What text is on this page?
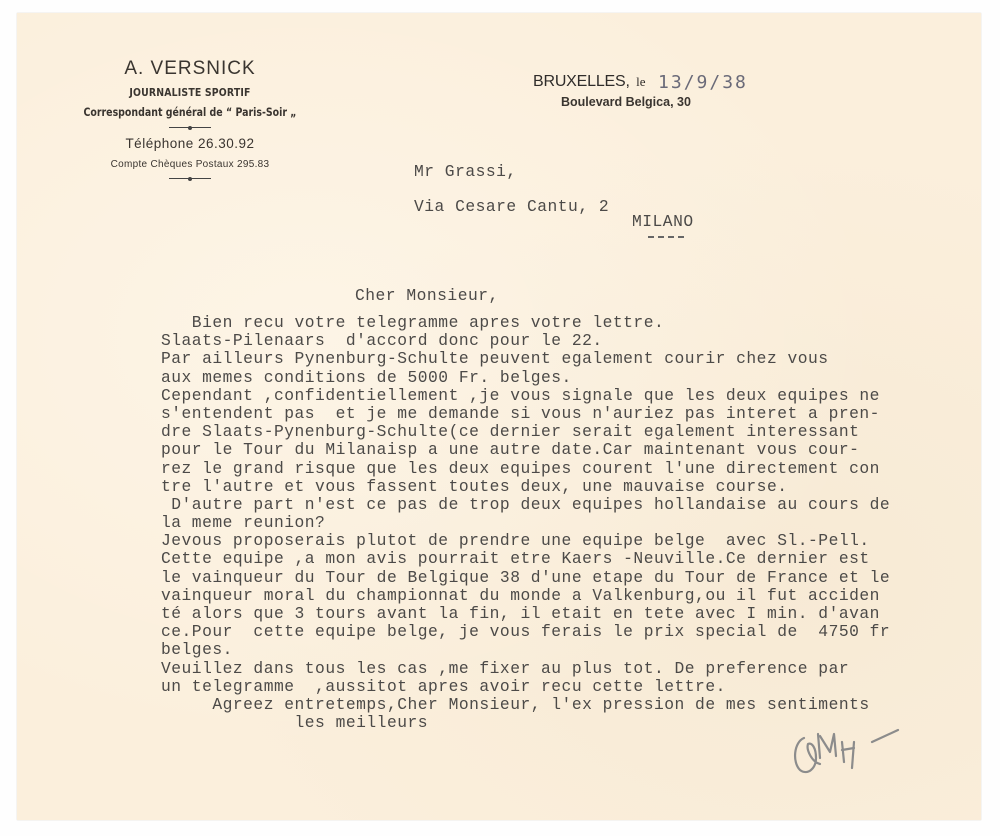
A. VERSNICK
JOURNALISTE SPORTIF
Correspondant général de “ Paris-Soir „
Téléphone 26.30.92
Compte Chèques Postaux 295.83
BRUXELLES, le 13/9/38
Boulevard Belgica, 30
Mr Grassi,
Via Cesare Cantu, 2
MILANO
Cher Monsieur,
Bien recu votre telegramme apres votre lettre.
Slaats-Pilenaars  d'accord donc pour le 22.
Par ailleurs Pynenburg-Schulte peuvent egalement courir chez vous
aux memes conditions de 5000 Fr. belges.
Cependant ,confidentiellement ,je vous signale que les deux equipes ne
s'entendent pas  et je me demande si vous n'auriez pas interet a pren-
dre Slaats-Pynenburg-Schulte(ce dernier serait egalement interessant
pour le Tour du Milanaisp a une autre date.Car maintenant vous cour-
rez le grand risque que les deux equipes courent l'une directement con
tre l'autre et vous fassent toutes deux, une mauvaise course.
D'autre part n'est ce pas de trop deux equipes hollandaise au cours de
la meme reunion?
Jevous proposerais plutot de prendre une equipe belge  avec Sl.-Pell.
Cette equipe ,a mon avis pourrait etre Kaers -Neuville.Ce dernier est
le vainqueur du Tour de Belgique 38 d'une etape du Tour de France et le
vainqueur moral du championnat du monde a Valkenburg,ou il fut acciden
té alors que 3 tours avant la fin, il etait en tete avec I min. d'avan
ce.Pour  cette equipe belge, je vous ferais le prix special de  4750 fr
belges.
Veuillez dans tous les cas ,me fixer au plus tot. De preference par
un telegramme  ,aussitot apres avoir recu cette lettre.
Agreez entretemps,Cher Monsieur, l'ex pression de mes sentiments
les meilleurs
